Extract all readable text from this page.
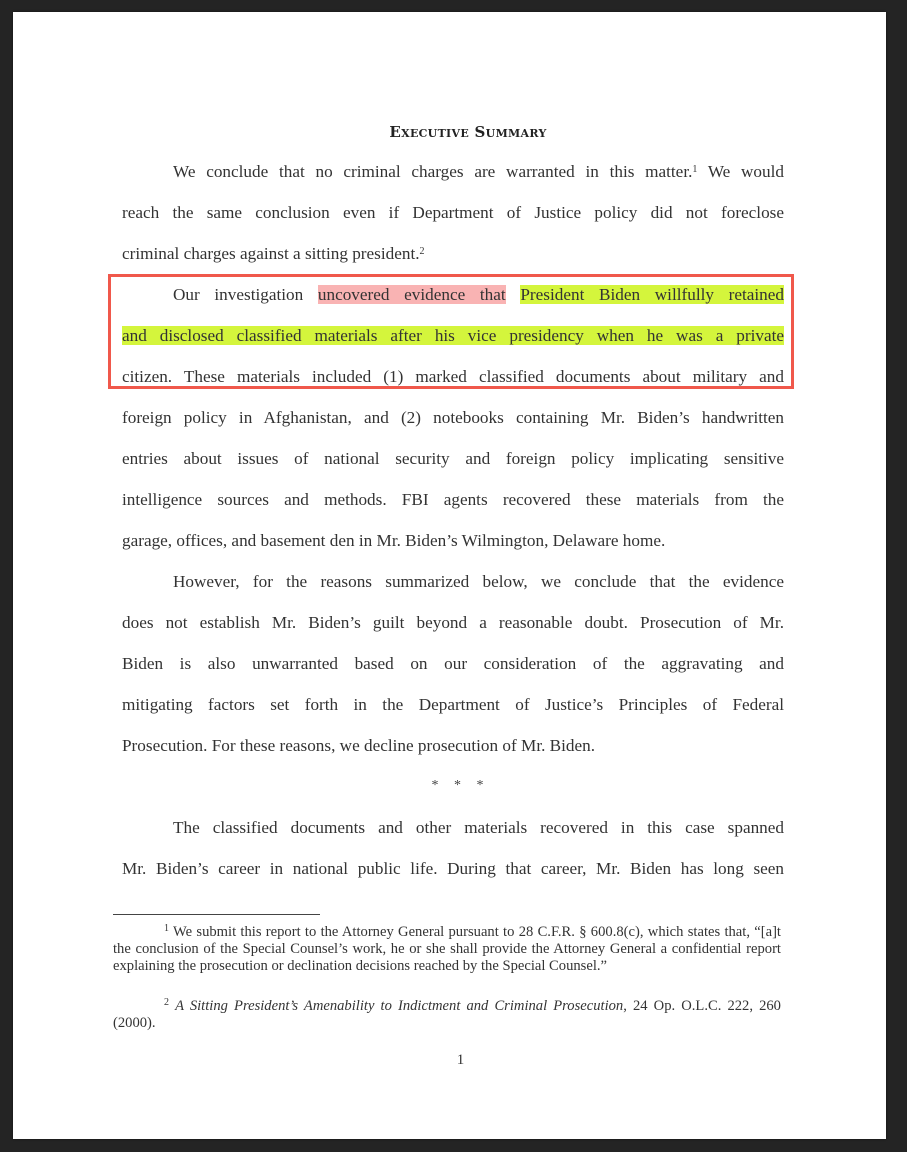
Executive Summary
We conclude that no criminal charges are warranted in this matter.$^1$ We would
reach the same conclusion even if Department of Justice policy did not foreclose
criminal charges against a sitting president.$^2$
Our investigation uncovered evidence that President Biden willfully retained
and disclosed classified materials after his vice presidency when he was a private
citizen. These materials included (1) marked classified documents about military and
foreign policy in Afghanistan, and (2) notebooks containing Mr. Biden’s handwritten
entries about issues of national security and foreign policy implicating sensitive
intelligence sources and methods. FBI agents recovered these materials from the
garage, offices, and basement den in Mr. Biden’s Wilmington, Delaware home.
However, for the reasons summarized below, we conclude that the evidence
does not establish Mr. Biden’s guilt beyond a reasonable doubt. Prosecution of Mr.
Biden is also unwarranted based on our consideration of the aggravating and
mitigating factors set forth in the Department of Justice’s Principles of Federal
Prosecution. For these reasons, we decline prosecution of Mr. Biden.
* * *
The classified documents and other materials recovered in this case spanned
Mr. Biden’s career in national public life. During that career, Mr. Biden has long seen
$^1$ We submit this report to the Attorney General pursuant to 28 C.F.R. § 600.8(c), which states that, “[a]t the conclusion of the Special Counsel’s work, he or she shall provide the Attorney General a confidential report explaining the prosecution or declination decisions reached by the Special Counsel.”
$^2$ A Sitting President’s Amenability to Indictment and Criminal Prosecution, 24 Op. O.L.C. 222, 260 (2000).
1
